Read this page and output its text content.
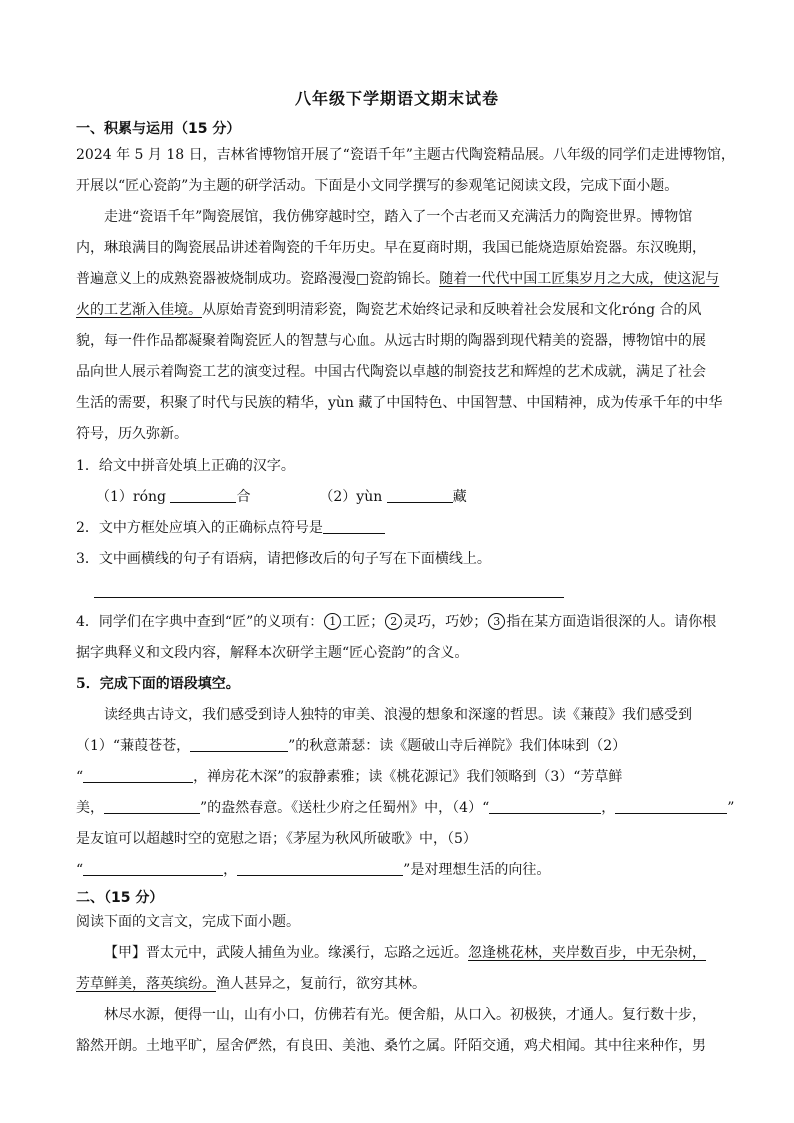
八年级下学期语文期末试卷
一、积累与运用（15 分）
2024 年 5 月 18 日，吉林省博物馆开展了“瓷语千年”主题古代陶瓷精品展。八年级的同学们走进博物馆，
开展以“匠心瓷韵”为主题的研学活动。下面是小文同学撰写的参观笔记阅读文段，完成下面小题。
走进“瓷语千年”陶瓷展馆，我仿佛穿越时空，踏入了一个古老而又充满活力的陶瓷世界。博物馆
内，琳琅满目的陶瓷展品讲述着陶瓷的千年历史。早在夏商时期，我国已能烧造原始瓷器。东汉晚期，
普遍意义上的成熟瓷器被烧制成功。瓷路漫漫□瓷韵锦长。随着一代代中国工匠集岁月之大成，使这泥与
火的工艺渐入佳境。从原始青瓷到明清彩瓷，陶瓷艺术始终记录和反映着社会发展和文化róng 合的风
貌，每一件作品都凝聚着陶瓷匠人的智慧与心血。从远古时期的陶器到现代精美的瓷器，博物馆中的展
品向世人展示着陶瓷工艺的演变过程。中国古代陶瓷以卓越的制瓷技艺和辉煌的艺术成就，满足了社会
生活的需要，积聚了时代与民族的精华，yùn 藏了中国特色、中国智慧、中国精神，成为传承千年的中华
符号，历久弥新。
1．给文中拼音处填上正确的汉字。
（1）róng	合	（2）yùn	藏
2．文中方框处应填入的正确标点符号是
3．文中画横线的句子有语病，请把修改后的句子写在下面横线上。
4．同学们在字典中查到“匠”的义项有： 1 工匠； 2 灵巧，巧妙； 3 指在某方面造诣很深的人。请你根
据字典释义和文段内容，解释本次研学主题“匠心瓷韵”的含义。
5．完成下面的语段填空。
读经典古诗文，我们感受到诗人独特的审美、浪漫的想象和深邃的哲思。读《蒹葭》我们感受到
（1）“蒹葭苍苍，	”的秋意萧瑟：读《题破山寺后禅院》我们体味到（2）
“	，禅房花木深”的寂静素雅；读《桃花源记》我们领略到（3）“芳草鲜
美，	”的盎然春意。《送杜少府之任蜀州》中，（4）“	，	”
是友谊可以超越时空的宽慰之语；《茅屋为秋风所破歌》中，（5）
“	，	”是对理想生活的向往。
二、（15 分）
阅读下面的文言文，完成下面小题。
【甲】晋太元中，武陵人捕鱼为业。缘溪行，忘路之远近。忽逢桃花林，夹岸数百步，中无杂树，
芳草鲜美，落英缤纷。渔人甚异之，复前行，欲穷其林。
林尽水源，便得一山，山有小口，仿佛若有光。便舍船，从口入。初极狭，才通人。复行数十步，
豁然开朗。土地平旷，屋舍俨然，有良田、美池、桑竹之属。阡陌交通，鸡犬相闻。其中往来种作，男
